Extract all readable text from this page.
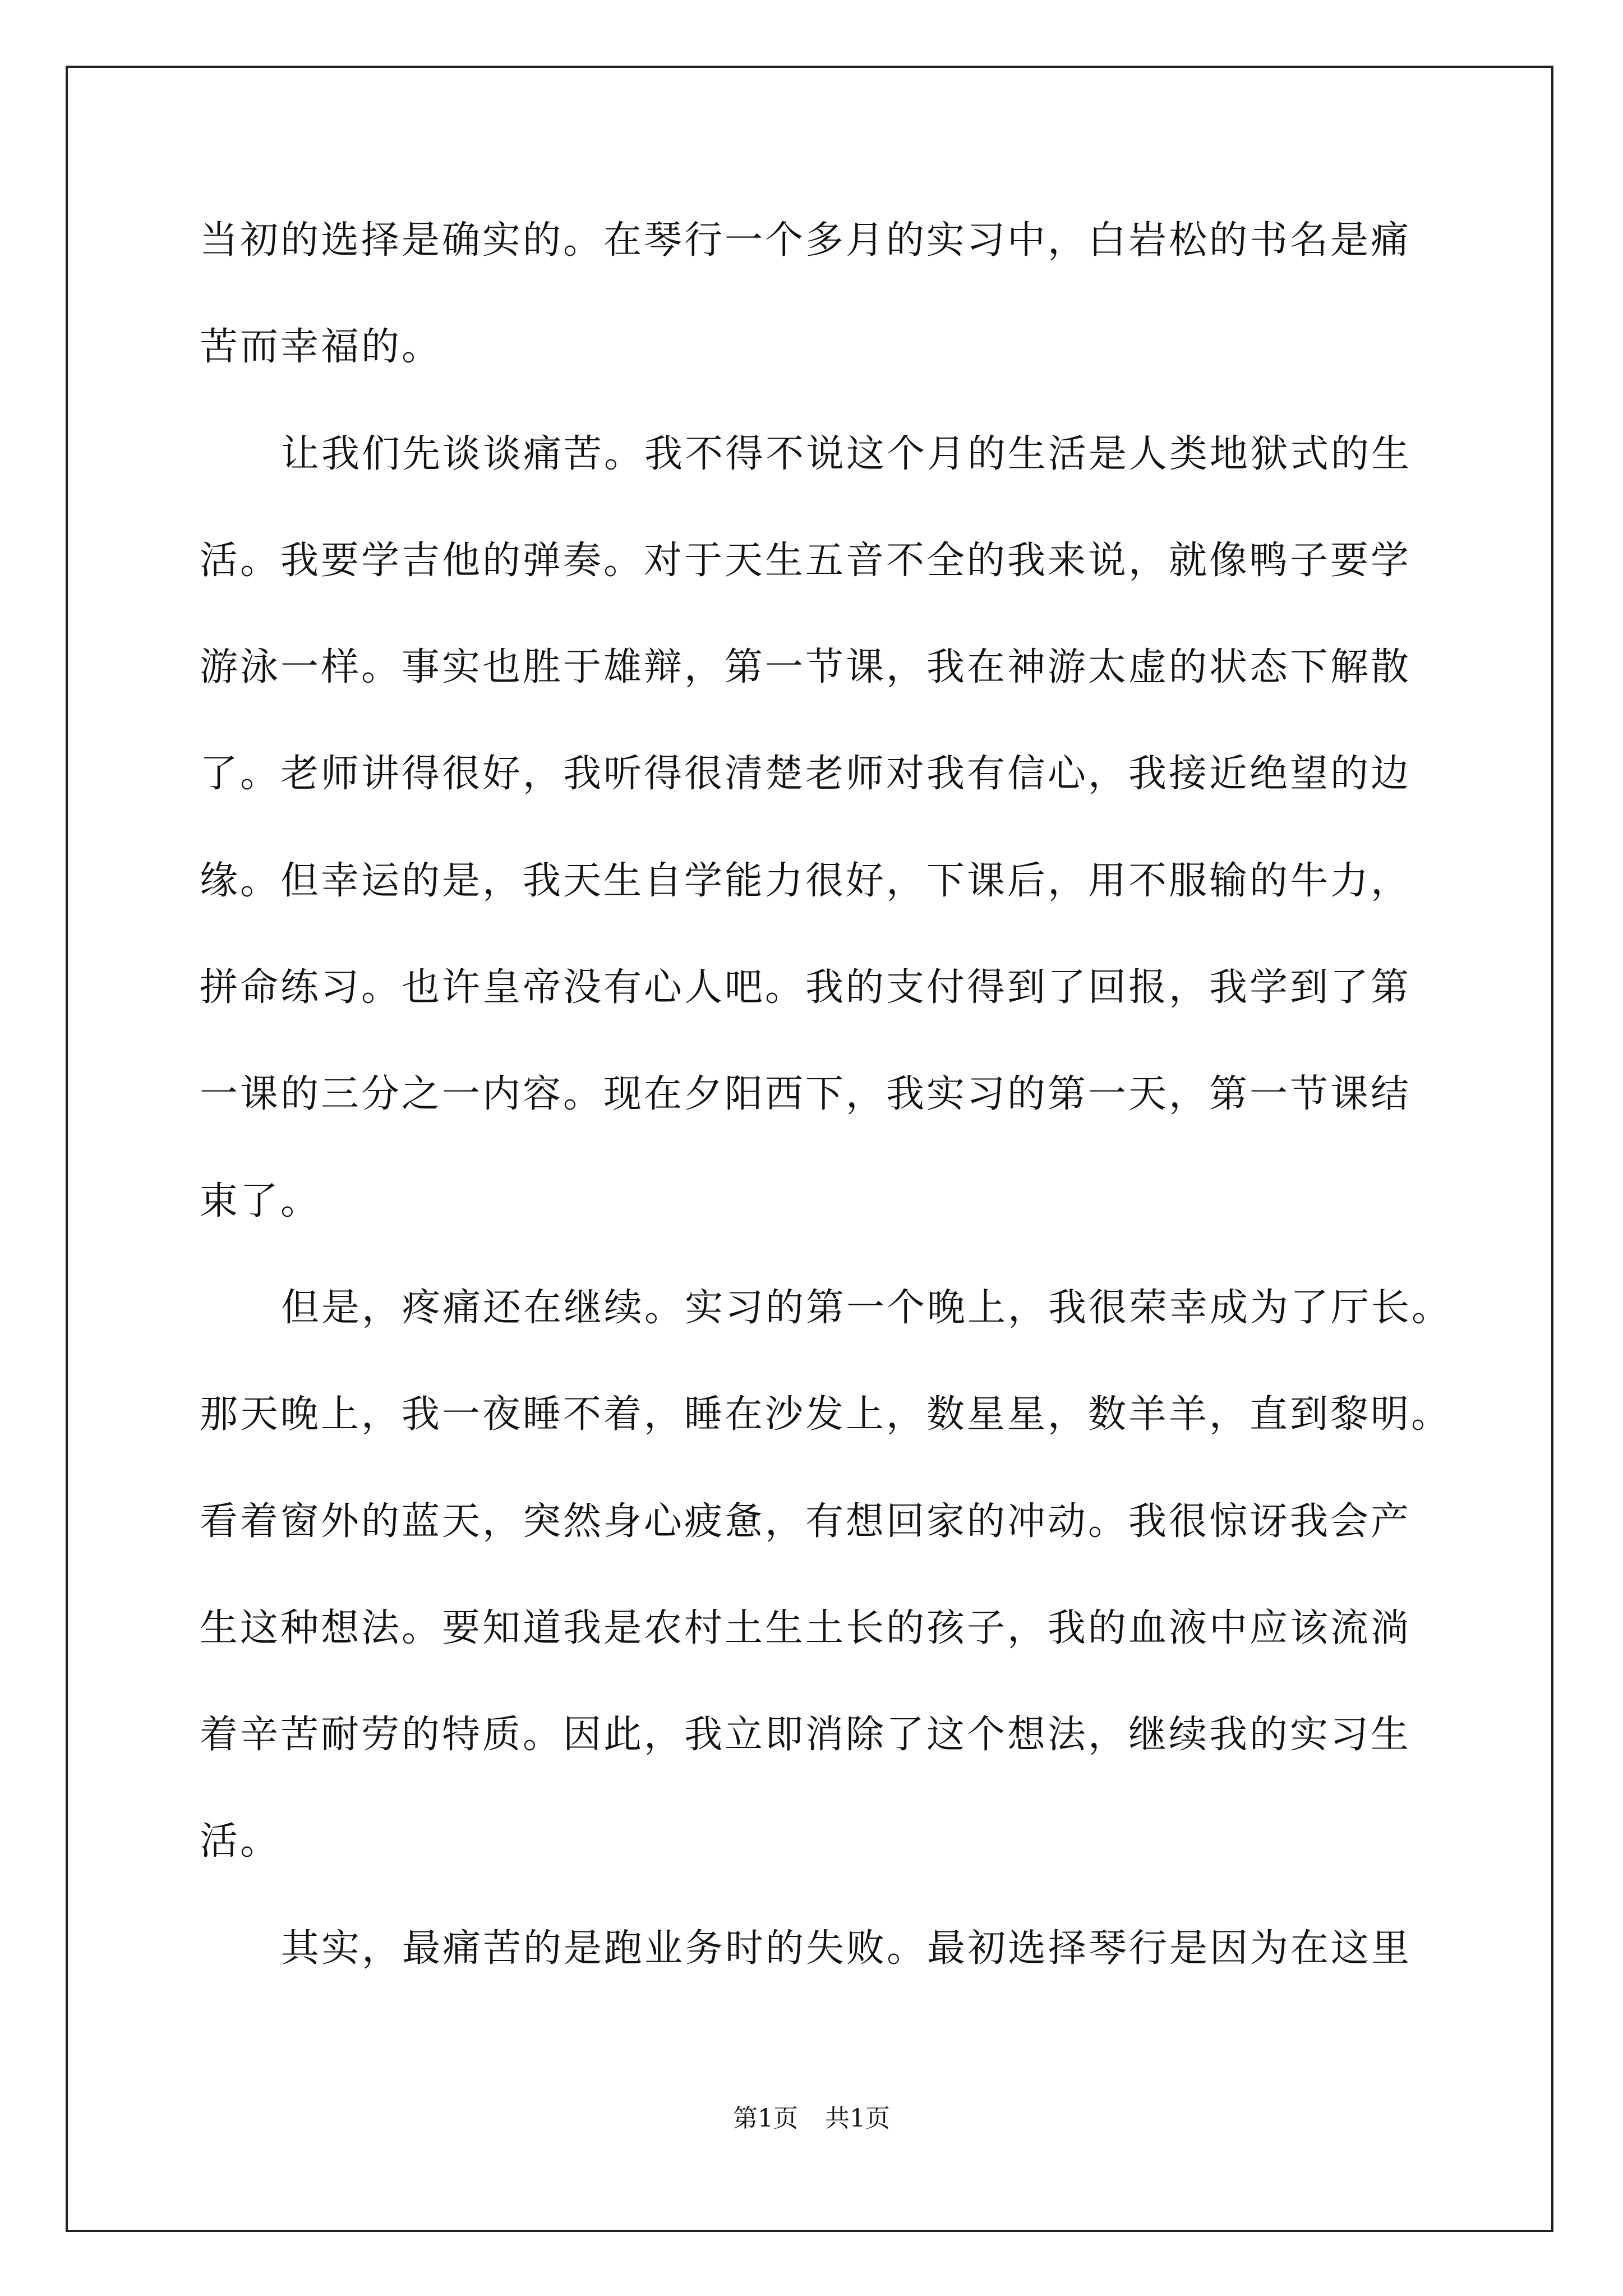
当初的选择是确实的。在琴行一个多月的实习中，白岩松的书名是痛
苦而幸福的。
让我们先谈谈痛苦。我不得不说这个月的生活是人类地狱式的生
活。我要学吉他的弹奏。对于天生五音不全的我来说，就像鸭子要学
游泳一样。事实也胜于雄辩，第一节课，我在神游太虚的状态下解散
了。老师讲得很好，我听得很清楚老师对我有信心，我接近绝望的边
缘。但幸运的是，我天生自学能力很好，下课后，用不服输的牛力，
拼命练习。也许皇帝没有心人吧。我的支付得到了回报，我学到了第
一课的三分之一内容。现在夕阳西下，我实习的第一天，第一节课结
束了。
但是，疼痛还在继续。实习的第一个晚上，我很荣幸成为了厅长。
那天晚上，我一夜睡不着，睡在沙发上，数星星，数羊羊，直到黎明。
看着窗外的蓝天，突然身心疲惫，有想回家的冲动。我很惊讶我会产
生这种想法。要知道我是农村土生土长的孩子，我的血液中应该流淌
着辛苦耐劳的特质。因此，我立即消除了这个想法，继续我的实习生
活。
其实，最痛苦的是跑业务时的失败。最初选择琴行是因为在这里
第1页 共1页
